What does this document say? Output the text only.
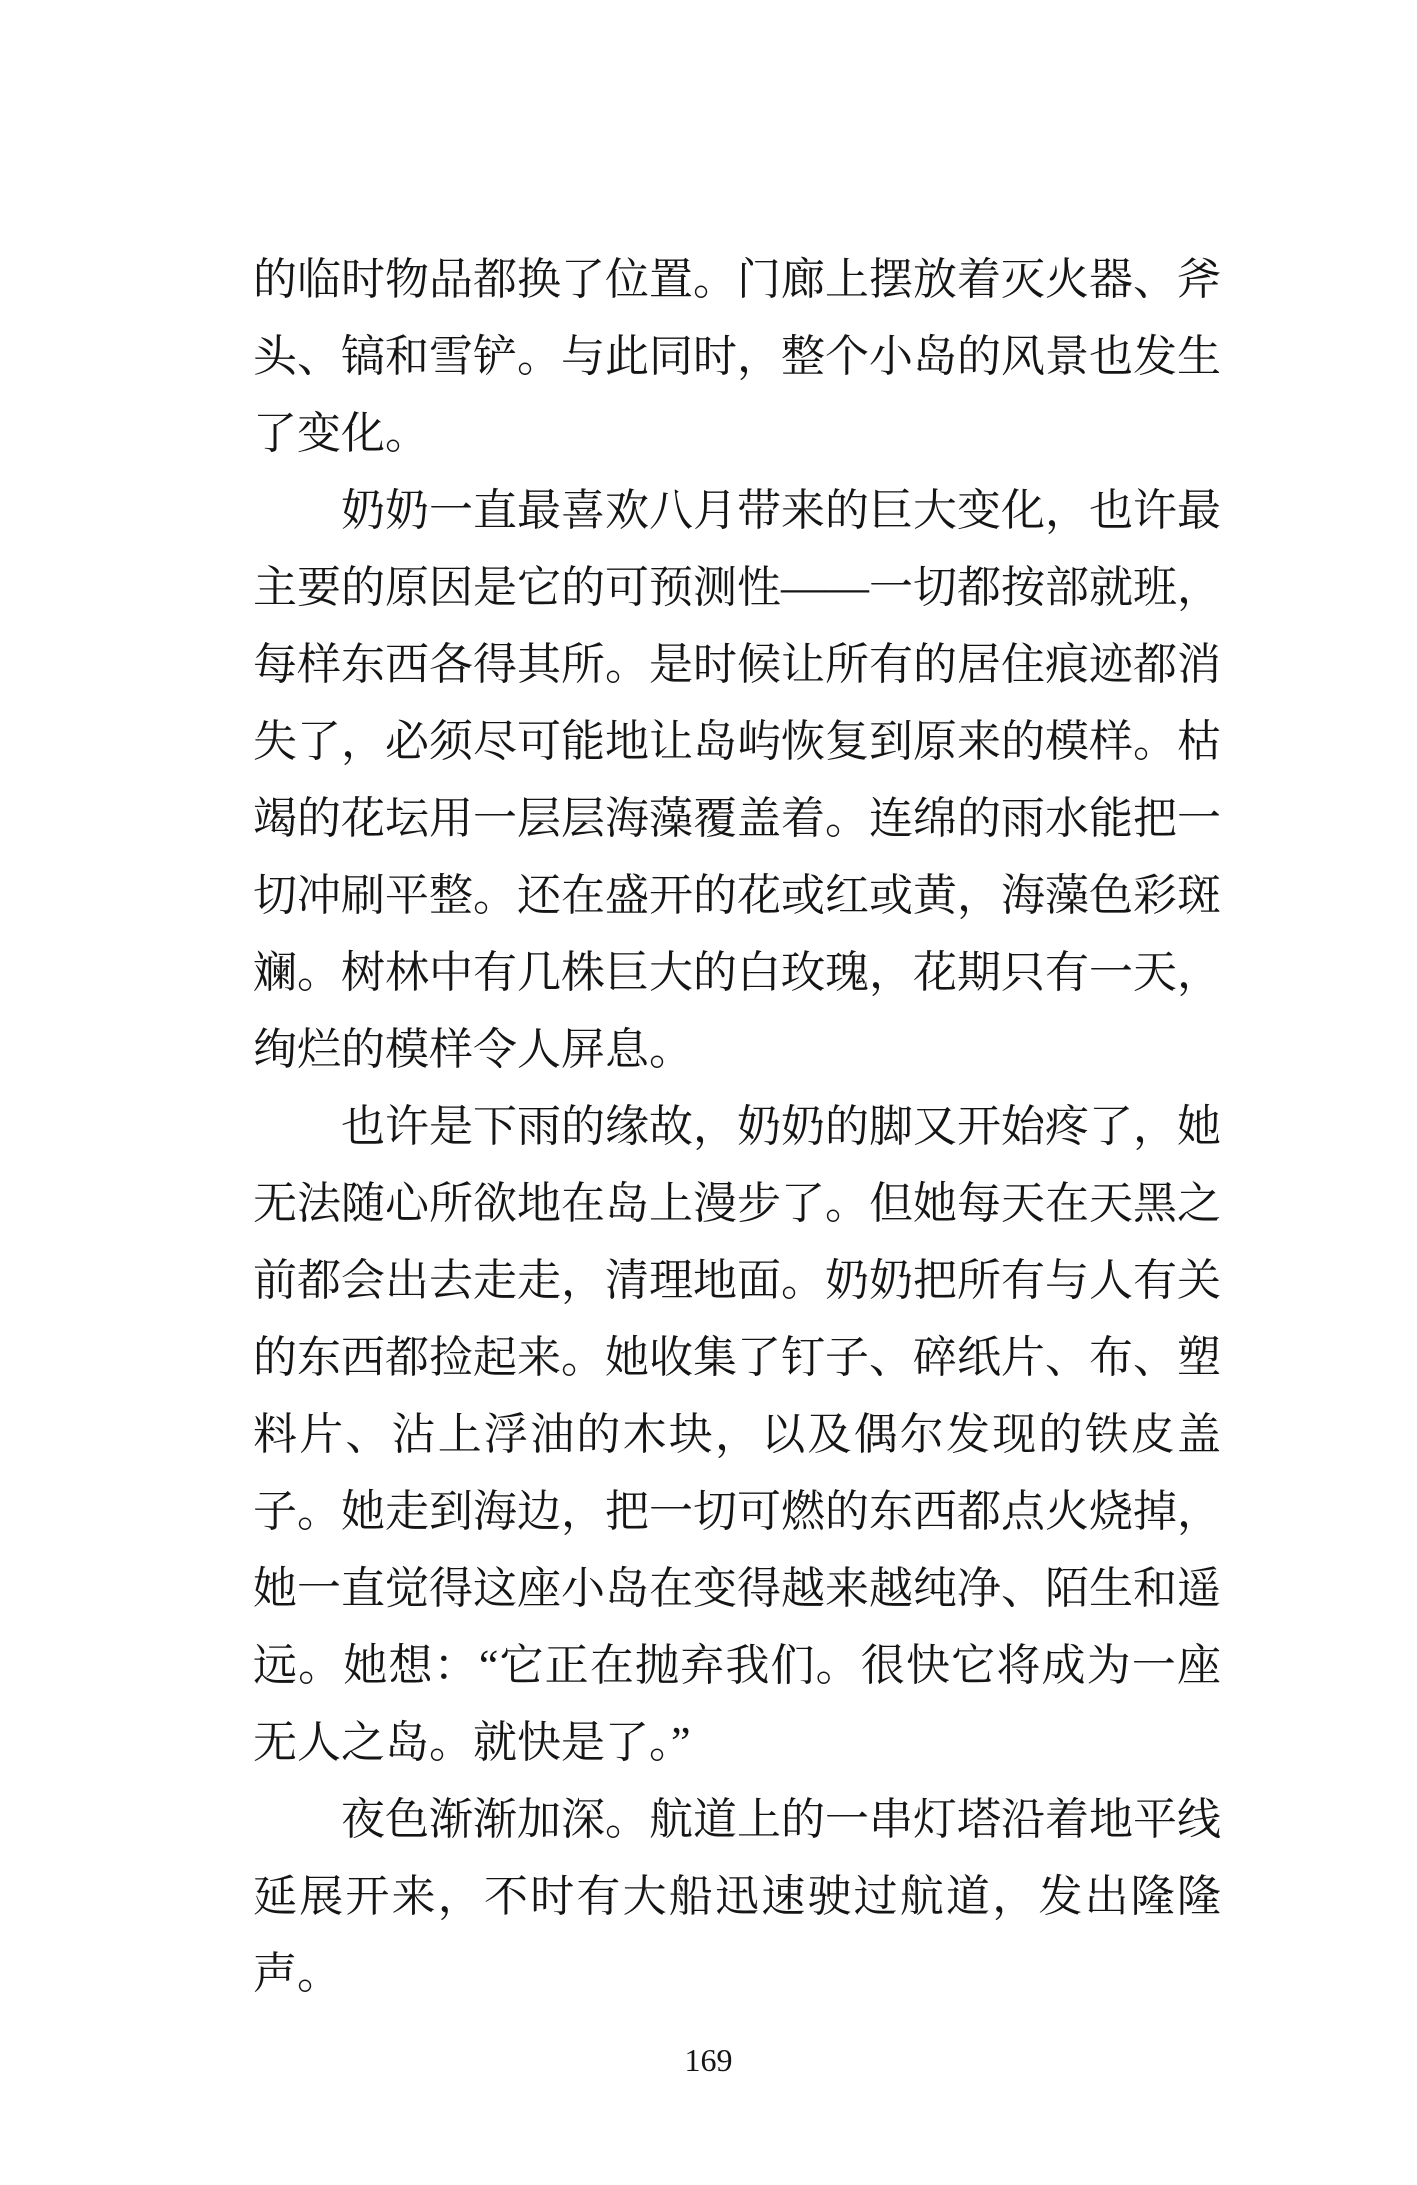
的临时物品都换了位置。门廊上摆放着灭火器、斧头、镐和雪铲。与此同时，整个小岛的风景也发生了变化。

奶奶一直最喜欢八月带来的巨大变化，也许最主要的原因是它的可预测性——一切都按部就班，每样东西各得其所。是时候让所有的居住痕迹都消失了，必须尽可能地让岛屿恢复到原来的模样。枯竭的花坛用一层层海藻覆盖着。连绵的雨水能把一切冲刷平整。还在盛开的花或红或黄，海藻色彩斑斓。树林中有几株巨大的白玫瑰，花期只有一天，绚烂的模样令人屏息。

也许是下雨的缘故，奶奶的脚又开始疼了，她无法随心所欲地在岛上漫步了。但她每天在天黑之前都会出去走走，清理地面。奶奶把所有与人有关的东西都捡起来。她收集了钉子、碎纸片、布、塑料片、沾上浮油的木块，以及偶尔发现的铁皮盖子。她走到海边，把一切可燃的东西都点火烧掉，她一直觉得这座小岛在变得越来越纯净、陌生和遥远。她想：“它正在抛弃我们。很快它将成为一座无人之岛。就快是了。”

夜色渐渐加深。航道上的一串灯塔沿着地平线延展开来，不时有大船迅速驶过航道，发出隆隆声。

169
